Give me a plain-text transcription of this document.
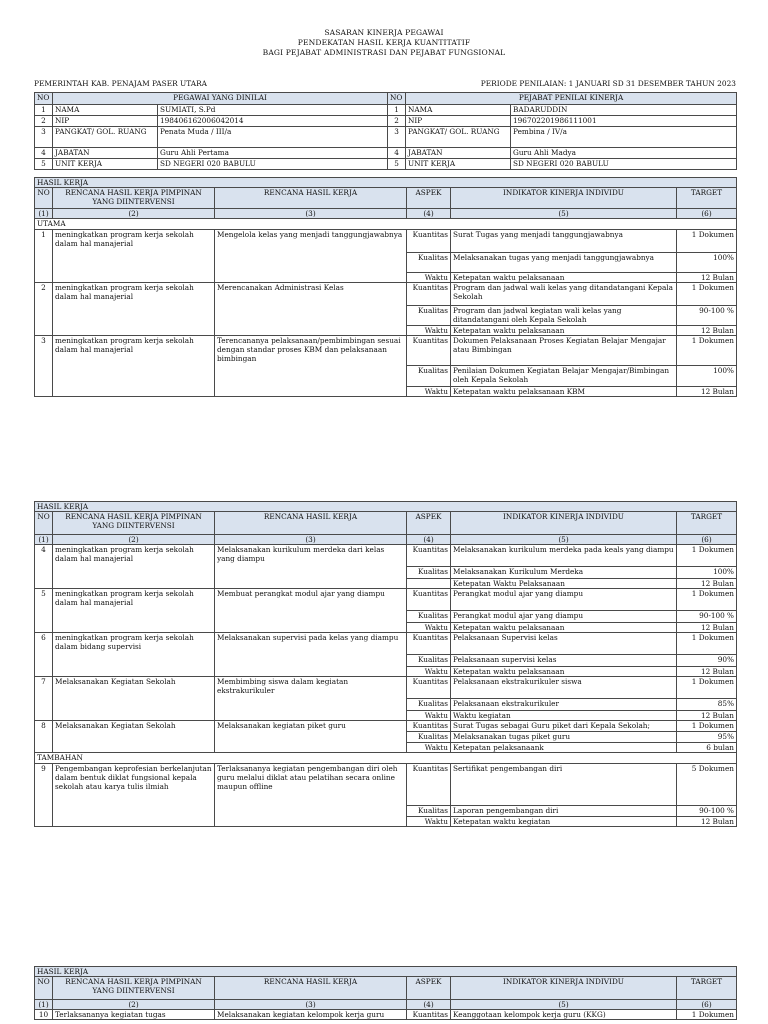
SASARAN KINERJA PEGAWAI
PENDEKATAN HASIL KERJA KUANTITATIF
BAGI PEJABAT ADMINISTRASI DAN PEJABAT FUNGSIONAL
PEMERINTAH KAB. PENAJAM PASER UTARA	PERIODE PENILAIAN: 1 JANUARI SD 31 DESEMBER TAHUN 2023
NO	PEGAWAI YANG DINILAI		NO	PEJABAT PENILAI KINERJA	
1	NAMA	SUMIATI, S.Pd	1	NAMA	BADARUDDIN
2	NIP	198406162006042014	2	NIP	196702201986111001
3	PANGKAT/ GOL. RUANG	Penata Muda / III/a	3	PANGKAT/ GOL. RUANG	Pembina / IV/a
4	JABATAN	Guru Ahli Pertama	4	JABATAN	Guru Ahli Madya
5	UNIT KERJA	SD NEGERI 020 BABULU	5	UNIT KERJA	SD NEGERI 020 BABULU
HASIL KERJA					
NO	RENCANA HASIL KERJA PIMPINAN YANG DIINTERVENSI	RENCANA HASIL KERJA	ASPEK	INDIKATOR KINERJA INDIVIDU	TARGET
(1)	(2)	(3)	(4)	(5)	(6)
UTAMA					
1	meningkatkan program kerja sekolah dalam hal manajerial	Mengelola kelas yang menjadi tanggungjawabnya	Kuantitas	Surat Tugas yang menjadi tanggungjawabnya	1 Dokumen
			Kualitas	Melaksanakan tugas yang menjadi tanggungjawabnya	100%
			Waktu	Ketepatan waktu pelaksanaan	12 Bulan
2	meningkatkan program kerja sekolah dalam hal manajerial	Merencanakan Administrasi Kelas	Kuantitas	Program dan jadwal wali kelas yang ditandatangani Kepala Sekolah	1 Dokumen
			Kualitas	Program dan jadwal kegiatan wali kelas yang ditandatangani oleh Kepala Sekolah	90-100 %
			Waktu	Ketepatan waktu pelaksanaan	12 Bulan
3	meningkatkan program kerja sekolah dalam hal manajerial	Terencananya pelaksanaan/pembimbingan sesuai dengan standar proses KBM dan pelaksanaan bimbingan	Kuantitas	Dokumen Pelaksanaan Proses Kegiatan Belajar Mengajar atau Bimbingan	1 Dokumen
			Kualitas	Penilaian Dokumen Kegiatan Belajar Mengajar/Bimbingan oleh Kepala Sekolah	100%
			Waktu	Ketepatan waktu pelaksanaan KBM	12 Bulan
HASIL KERJA					
NO	RENCANA HASIL KERJA PIMPINAN YANG DIINTERVENSI	RENCANA HASIL KERJA	ASPEK	INDIKATOR KINERJA INDIVIDU	TARGET
(1)	(2)	(3)	(4)	(5)	(6)
4	meningkatkan program kerja sekolah dalam hal manajerial	Melaksanakan kurikulum merdeka dari kelas yang diampu	Kuantitas	Melaksanakan kurikulum merdeka pada keals yang diampu	1 Dokumen
			Kualitas	Melaksanakan Kurikulum Merdeka	100%
				Ketepatan Waktu Pelaksanaan	12 Bulan
5	meningkatkan program kerja sekolah dalam hal manajerial	Membuat perangkat modul ajar yang diampu	Kuantitas	Perangkat modul ajar yang diampu	1 Dokumen
			Kualitas	Perangkat modul ajar yang diampu	90-100 %
			Waktu	Ketepatan waktu pelaksanaan	12 Bulan
6	meningkatkan program kerja sekolah dalam bidang supervisi	Melaksanakan supervisi pada kelas yang diampu	Kuantitas	Pelaksanaan Supervisi kelas	1 Dokumen
			Kualitas	Pelaksanaan supervisi kelas	90%
			Waktu	Ketepatan waktu pelaksanaan	12 Bulan
7	Melaksanakan Kegiatan Sekolah	Membimbing siswa dalam kegiatan ekstrakurikuler	Kuantitas	Pelaksanaan ekstrakurikuler siswa	1 Dokumen
			Kualitas	Pelaksanaan ekstrakurikuler	85%
			Waktu	Waktu kegiatan	12 Bulan
8	Melaksanakan Kegiatan Sekolah	Melaksanakan kegiatan piket guru	Kuantitas	Surat Tugas sebagai Guru piket dari Kepala Sekolah;	1 Dokumen
			Kualitas	Melaksanakan tugas piket guru	95%
			Waktu	Ketepatan pelaksanaank	6 bulan
TAMBAHAN					
9	Pengembangan keprofesian berkelanjutan dalam bentuk diklat fungsional kepala sekolah atau karya tulis ilmiah	Terlaksananya kegiatan pengembangan diri oleh guru melalui diklat atau pelatihan secara online maupun offline	Kuantitas	Sertifikat pengembangan diri	5 Dokumen
			Kualitas	Laporan pengembangan diri	90-100 %
			Waktu	Ketepatan waktu kegiatan	12 Bulan
HASIL KERJA					
NO	RENCANA HASIL KERJA PIMPINAN YANG DIINTERVENSI	RENCANA HASIL KERJA	ASPEK	INDIKATOR KINERJA INDIVIDU	TARGET
(1)	(2)	(3)	(4)	(5)	(6)
10	Terlaksananya kegiatan tugas	Melaksanakan kegiatan kelompok kerja guru	Kuantitas	Keanggotaan kelompok kerja guru (KKG)	1 Dokumen
